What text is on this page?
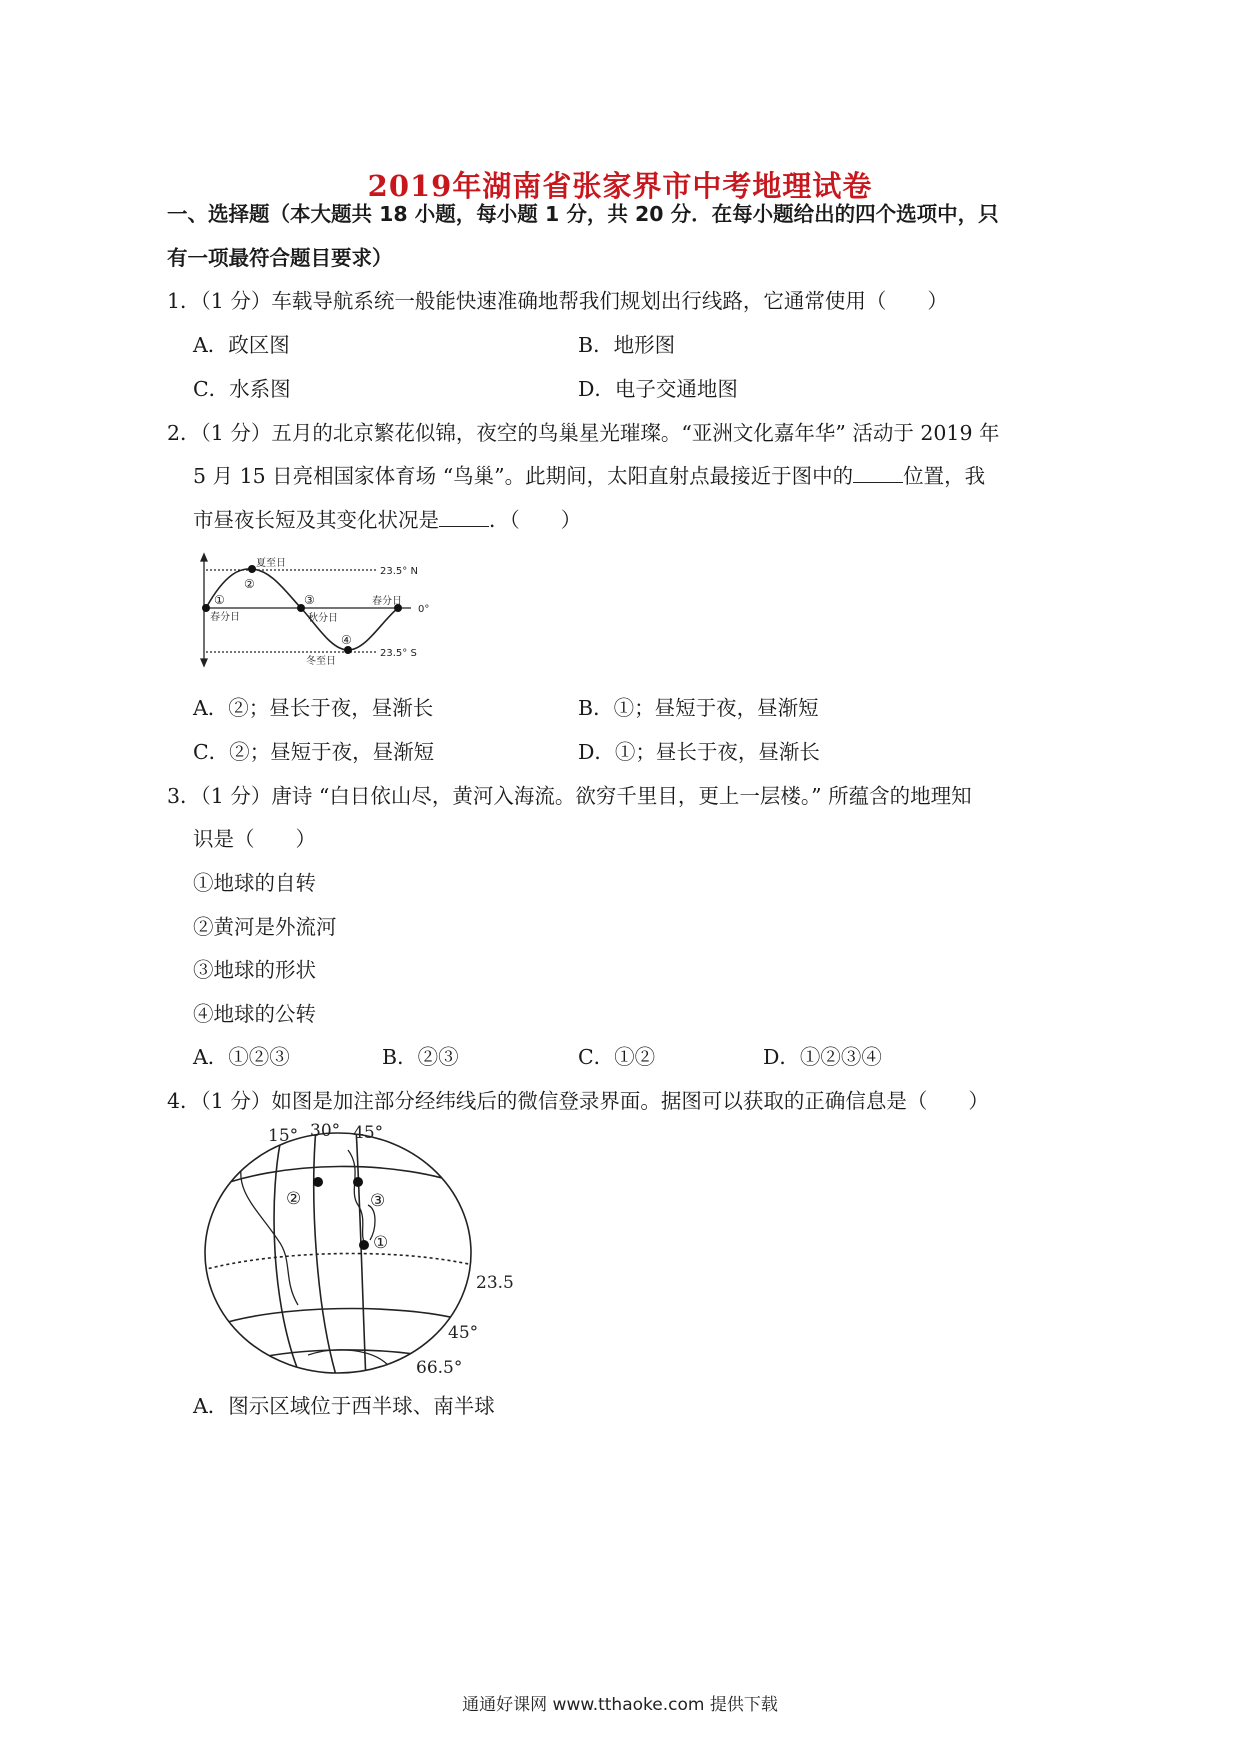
2019年湖南省张家界市中考地理试卷
一、选择题（本大题共 18 小题，每小题 1 分，共 20 分．在每小题给出的四个选项中，只
有一项最符合题目要求）
1．（1 分）车载导航系统一般能快速准确地帮我们规划出行线路，它通常使用（　　）
A．政区图	B．地形图
C．水系图	D．电子交通地图
2．（1 分）五月的北京繁花似锦，夜空的鸟巢星光璀璨。“亚洲文化嘉年华” 活动于 2019 年
5 月 15 日亮相国家体育场 “鸟巢”。此期间，太阳直射点最接近于图中的 位置，我
市昼夜长短及其变化状况是 ．（　　）
夏至日
春分日	秋分日
春分日
冬至日
23.5° N
0°
23.5° S
①
②
③
④
A．②；昼长于夜，昼渐长	B．①；昼短于夜，昼渐短
C．②；昼短于夜，昼渐短	D．①；昼长于夜，昼渐长
3．（1 分）唐诗 “白日依山尽，黄河入海流。欲穷千里目，更上一层楼。” 所蕴含的地理知
识是（　　）
①地球的自转
②黄河是外流河
③地球的形状
④地球的公转
A．①②③	B．②③	C．①②	D．①②③④
4．（1 分）如图是加注部分经纬线后的微信登录界面。据图可以获取的正确信息是（　　）
15° 30° 45°
23.5
45°
66.5°
②	③
①
A．图示区域位于西半球、南半球
通通好课网 www.tthaoke.com 提供下载
